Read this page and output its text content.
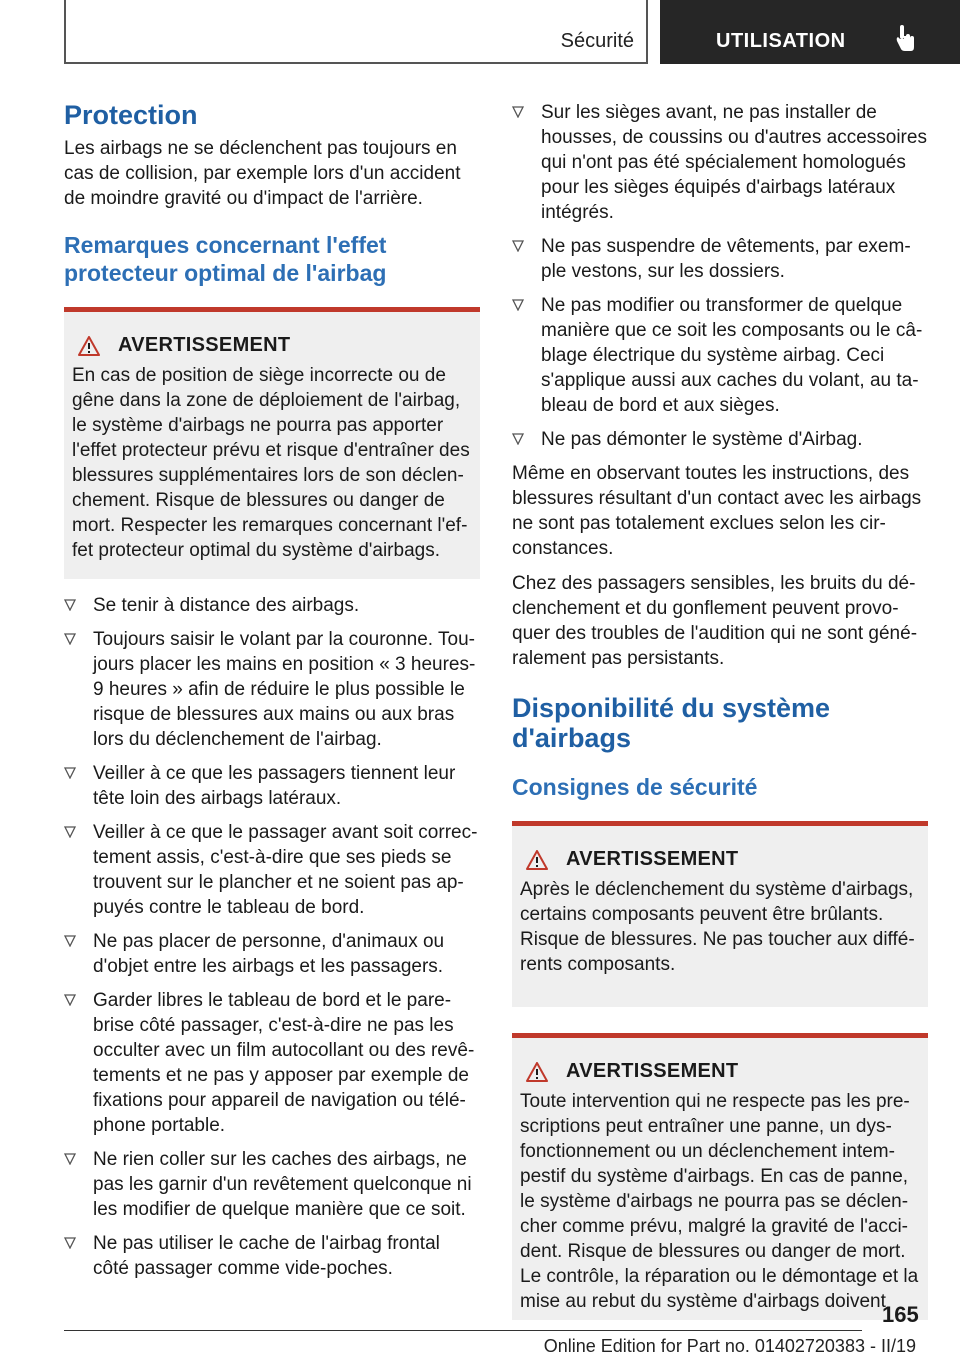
Sécurité	UTILISATION
Protection
Les airbags ne se déclenchent pas toujours en cas de collision, par exemple lors d'un accident de moindre gravité ou d'impact de l'arrière.
Remarques concernant l'effet protecteur optimal de l'airbag
AVERTISSEMENT
En cas de position de siège incorrecte ou de gêne dans la zone de déploiement de l'airbag, le système d'airbags ne pourra pas apporter l'effet protecteur prévu et risque d'entraîner des blessures supplémentaires lors de son déclenchement. Risque de blessures ou danger de mort. Respecter les remarques concernant l'effet protecteur optimal du système d'airbags.
Se tenir à distance des airbags.
Toujours saisir le volant par la couronne. Toujours placer les mains en position « 3 heures-9 heures » afin de réduire le plus possible le risque de blessures aux mains ou aux bras lors du déclenchement de l'airbag.
Veiller à ce que les passagers tiennent leur tête loin des airbags latéraux.
Veiller à ce que le passager avant soit correctement assis, c'est-à-dire que ses pieds se trouvent sur le plancher et ne soient pas appuyés contre le tableau de bord.
Ne pas placer de personne, d'animaux ou d'objet entre les airbags et les passagers.
Garder libres le tableau de bord et le pare-brise côté passager, c'est-à-dire ne pas les occulter avec un film autocollant ou des revêtements et ne pas y apposer par exemple de fixations pour appareil de navigation ou téléphone portable.
Ne rien coller sur les caches des airbags, ne pas les garnir d'un revêtement quelconque ni les modifier de quelque manière que ce soit.
Ne pas utiliser le cache de l'airbag frontal côté passager comme vide-poches.
Sur les sièges avant, ne pas installer de housses, de coussins ou d'autres accessoires qui n'ont pas été spécialement homologués pour les sièges équipés d'airbags latéraux intégrés.
Ne pas suspendre de vêtements, par exemple vestons, sur les dossiers.
Ne pas modifier ou transformer de quelque manière que ce soit les composants ou le câblage électrique du système airbag. Ceci s'applique aussi aux caches du volant, au tableau de bord et aux sièges.
Ne pas démonter le système d'Airbag.
Même en observant toutes les instructions, des blessures résultant d'un contact avec les airbags ne sont pas totalement exclues selon les circonstances.
Chez des passagers sensibles, les bruits du déclenchement et du gonflement peuvent provoquer des troubles de l'audition qui ne sont généralement pas persistants.
Disponibilité du système d'airbags
Consignes de sécurité
AVERTISSEMENT
Après le déclenchement du système d'airbags, certains composants peuvent être brûlants. Risque de blessures. Ne pas toucher aux différents composants.
AVERTISSEMENT
Toute intervention qui ne respecte pas les prescriptions peut entraîner une panne, un dysfonctionnement ou un déclenchement intempestif du système d'airbags. En cas de panne, le système d'airbags ne pourra pas se déclencher comme prévu, malgré la gravité de l'accident. Risque de blessures ou danger de mort. Le contrôle, la réparation ou le démontage et la mise au rebut du système d'airbags doivent
165
Online Edition for Part no. 01402720383 - II/19
